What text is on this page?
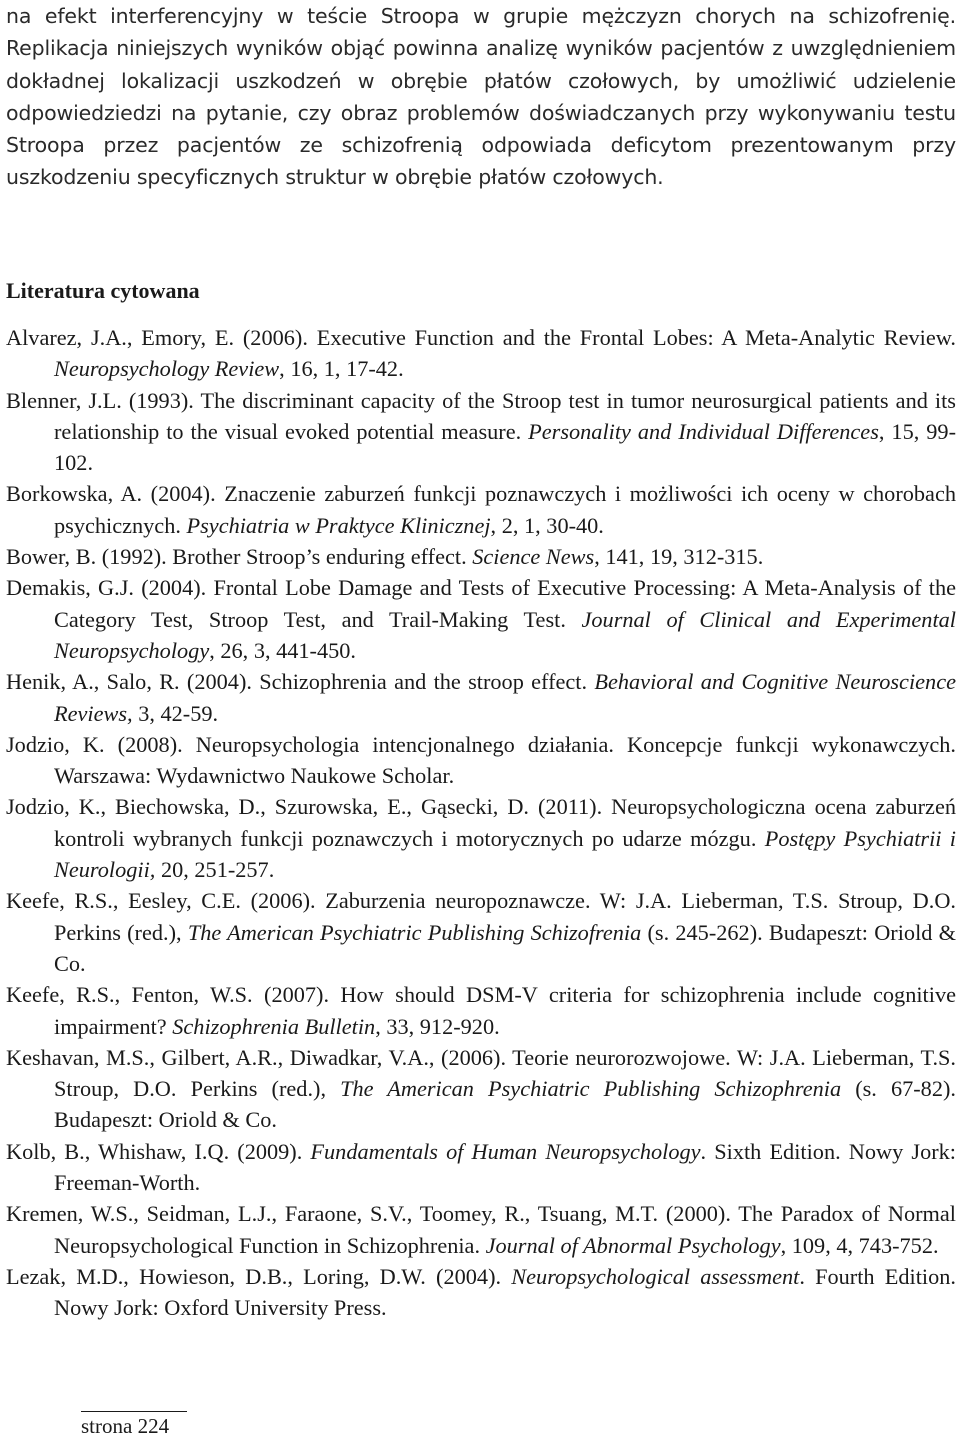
na efekt interferencyjny w teście Stroopa w grupie mężczyzn chorych na schizofrenię. Replikacja niniejszych wyników objąć powinna analizę wyników pacjentów z uwzględnieniem dokładnej lokalizacji uszkodzeń w obrębie płatów czołowych, by umożliwić udzielenie odpowiedziedzi na pytanie, czy obraz problemów doświadczanych przy wykonywaniu testu Stroopa przez pacjentów ze schizofrenią odpowiada deficytom prezentowanym przy uszkodzeniu specyficznych struktur w obrębie płatów czołowych.

Literatura cytowana

Alvarez, J.A., Emory, E. (2006). Executive Function and the Frontal Lobes: A Meta-Analytic Review. Neuropsychology Review, 16, 1, 17-42.

Blenner, J.L. (1993). The discriminant capacity of the Stroop test in tumor neurosurgical patients and its relationship to the visual evoked potential measure. Personality and Individual Differences, 15, 99-102.

Borkowska, A. (2004). Znaczenie zaburzeń funkcji poznawczych i możliwości ich oceny w chorobach psychicznych. Psychiatria w Praktyce Klinicznej, 2, 1, 30-40.

Bower, B. (1992). Brother Stroop’s enduring effect. Science News, 141, 19, 312-315.

Demakis, G.J. (2004). Frontal Lobe Damage and Tests of Executive Processing: A Meta-Analysis of the Category Test, Stroop Test, and Trail-Making Test. Journal of Clinical and Experimental Neuropsychology, 26, 3, 441-450.

Henik, A., Salo, R. (2004). Schizophrenia and the stroop effect. Behavioral and Cognitive Neuroscience Reviews, 3, 42-59.

Jodzio, K. (2008). Neuropsychologia intencjonalnego działania. Koncepcje funkcji wykonawczych. Warszawa: Wydawnictwo Naukowe Scholar.

Jodzio, K., Biechowska, D., Szurowska, E., Gąsecki, D. (2011). Neuropsychologiczna ocena zaburzeń kontroli wybranych funkcji poznawczych i motorycznych po udarze mózgu. Postępy Psychiatrii i Neurologii, 20, 251-257.

Keefe, R.S., Eesley, C.E. (2006). Zaburzenia neuropoznawcze. W: J.A. Lieberman, T.S. Stroup, D.O. Perkins (red.), The American Psychiatric Publishing Schizofrenia (s. 245-262). Budapeszt: Oriold & Co.

Keefe, R.S., Fenton, W.S. (2007). How should DSM-V criteria for schizophrenia include cognitive impairment? Schizophrenia Bulletin, 33, 912-920.

Keshavan, M.S., Gilbert, A.R., Diwadkar, V.A., (2006). Teorie neurorozwojowe. W: J.A. Lieberman, T.S. Stroup, D.O. Perkins (red.), The American Psychiatric Publishing Schizophrenia (s. 67-82). Budapeszt: Oriold & Co.

Kolb, B., Whishaw, I.Q. (2009). Fundamentals of Human Neuropsychology. Sixth Edition. Nowy Jork: Freeman-Worth.

Kremen, W.S., Seidman, L.J., Faraone, S.V., Toomey, R., Tsuang, M.T. (2000). The Paradox of Normal Neuropsychological Function in Schizophrenia. Journal of Abnormal Psychology, 109, 4, 743-752.

Lezak, M.D., Howieson, D.B., Loring, D.W. (2004). Neuropsychological assessment. Fourth Edition. Nowy Jork: Oxford University Press.

strona 224
